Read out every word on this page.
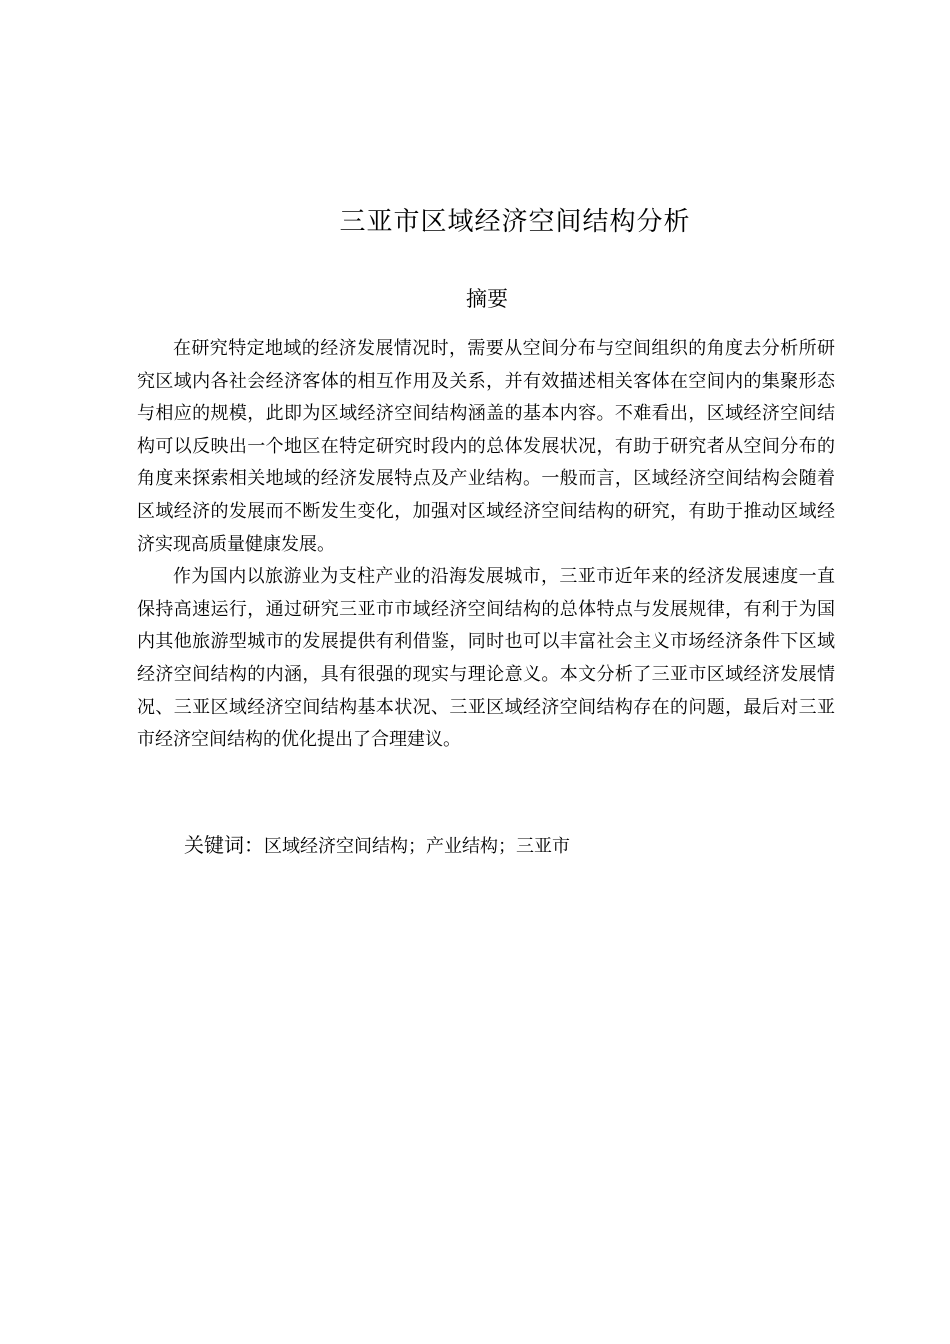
三亚市区域经济空间结构分析
摘要

在研究特定地域的经济发展情况时，需要从空间分布与空间组织的角度去分析所研究区域内各社会经济客体的相互作用及关系，并有效描述相关客体在空间内的集聚形态与相应的规模，此即为区域经济空间结构涵盖的基本内容。不难看出，区域经济空间结构可以反映出一个地区在特定研究时段内的总体发展状况，有助于研究者从空间分布的角度来探索相关地域的经济发展特点及产业结构。一般而言，区域经济空间结构会随着区域经济的发展而不断发生变化，加强对区域经济空间结构的研究，有助于推动区域经济实现高质量健康发展。

作为国内以旅游业为支柱产业的沿海发展城市，三亚市近年来的经济发展速度一直保持高速运行，通过研究三亚市市域经济空间结构的总体特点与发展规律，有利于为国内其他旅游型城市的发展提供有利借鉴，同时也可以丰富社会主义市场经济条件下区域经济空间结构的内涵，具有很强的现实与理论意义。本文分析了三亚市区域经济发展情况、三亚区域经济空间结构基本状况、三亚区域经济空间结构存在的问题，最后对三亚市经济空间结构的优化提出了合理建议。

关键词：区域经济空间结构；产业结构；三亚市
